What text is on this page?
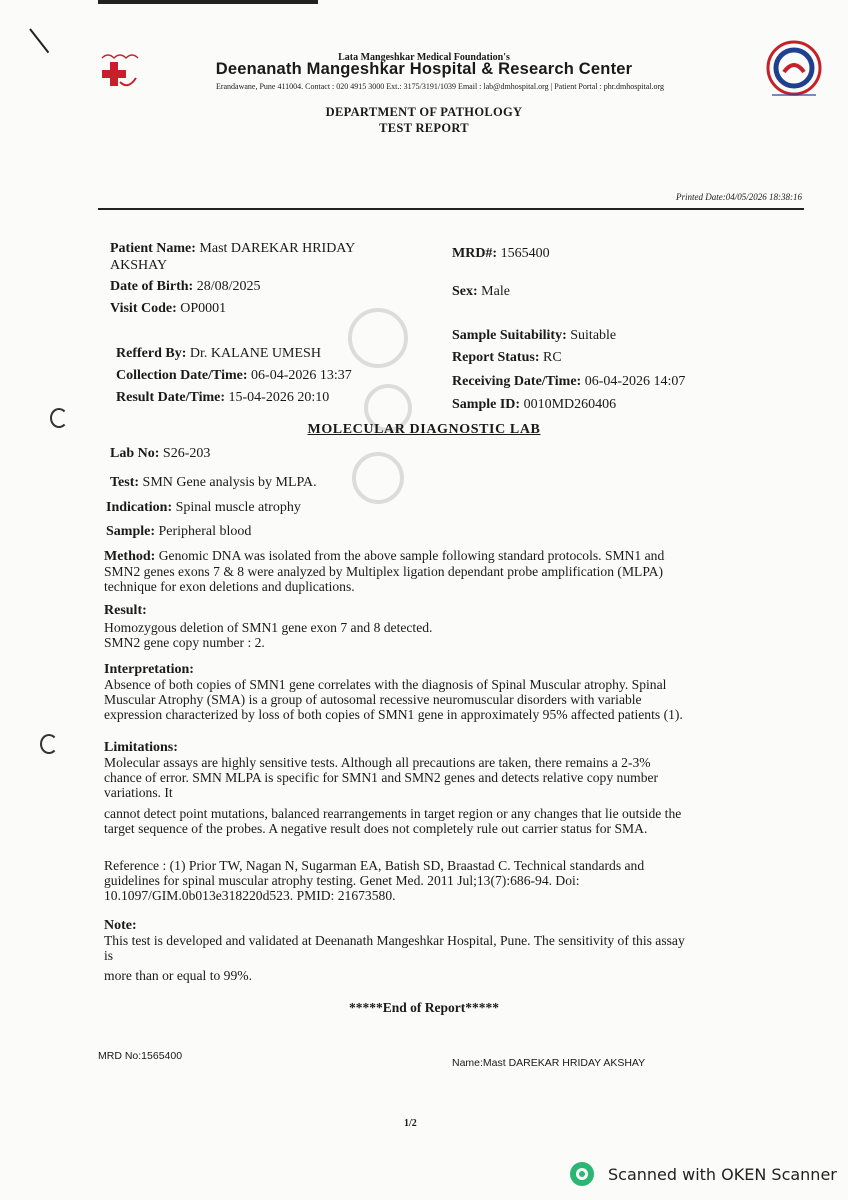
Lata Mangeshkar Medical Foundation's
Deenanath Mangeshkar Hospital & Research Center
Erandawane, Pune 411004. Contact : 020 4915 3000 Ext.: 3175/3191/1039 Email : lab@dmhospital.org | Patient Portal : phr.dmhospital.org
DEPARTMENT OF PATHOLOGY
TEST REPORT
Printed Date:04/05/2026 18:38:16
Patient Name: Mast DAREKAR HRIDAY
AKSHAY
MRD#: 1565400
Date of Birth: 28/08/2025	Sex: Male
Visit Code: OP0001
Sample Suitability: Suitable
Refferd By: Dr. KALANE UMESH	Report Status: RC
Collection Date/Time: 06-04-2026 13:37	Receiving Date/Time: 06-04-2026 14:07
Result Date/Time: 15-04-2026 20:10	Sample ID: 0010MD260406
MOLECULAR DIAGNOSTIC LAB
Lab No: S26-203
Test: SMN Gene analysis by MLPA.
Indication: Spinal muscle atrophy
Sample: Peripheral blood
Method: Genomic DNA was isolated from the above sample following standard protocols. SMN1 and
SMN2 genes exons 7 & 8 were analyzed by Multiplex ligation dependant probe amplification (MLPA)
technique for exon deletions and duplications.
Result:
Homozygous deletion of SMN1 gene exon 7 and 8 detected.
SMN2 gene copy number : 2.
Interpretation:
Absence of both copies of SMN1 gene correlates with the diagnosis of Spinal Muscular atrophy. Spinal
Muscular Atrophy (SMA) is a group of autosomal recessive neuromuscular disorders with variable
expression characterized by loss of both copies of SMN1 gene in approximately 95% affected patients (1).
Limitations:
Molecular assays are highly sensitive tests. Although all precautions are taken, there remains a 2-3%
chance of error. SMN MLPA is specific for SMN1 and SMN2 genes and detects relative copy number
variations. It
cannot detect point mutations, balanced rearrangements in target region or any changes that lie outside the
target sequence of the probes. A negative result does not completely rule out carrier status for SMA.
Reference : (1) Prior TW, Nagan N, Sugarman EA, Batish SD, Braastad C. Technical standards and
guidelines for spinal muscular atrophy testing. Genet Med. 2011 Jul;13(7):686-94. Doi:
10.1097/GIM.0b013e318220d523. PMID: 21673580.
Note:
This test is developed and validated at Deenanath Mangeshkar Hospital, Pune. The sensitivity of this assay
is
more than or equal to 99%.
*****End of Report*****
MRD No:1565400
Name:Mast DAREKAR HRIDAY AKSHAY
1/2
Scanned with OKEN Scanner
